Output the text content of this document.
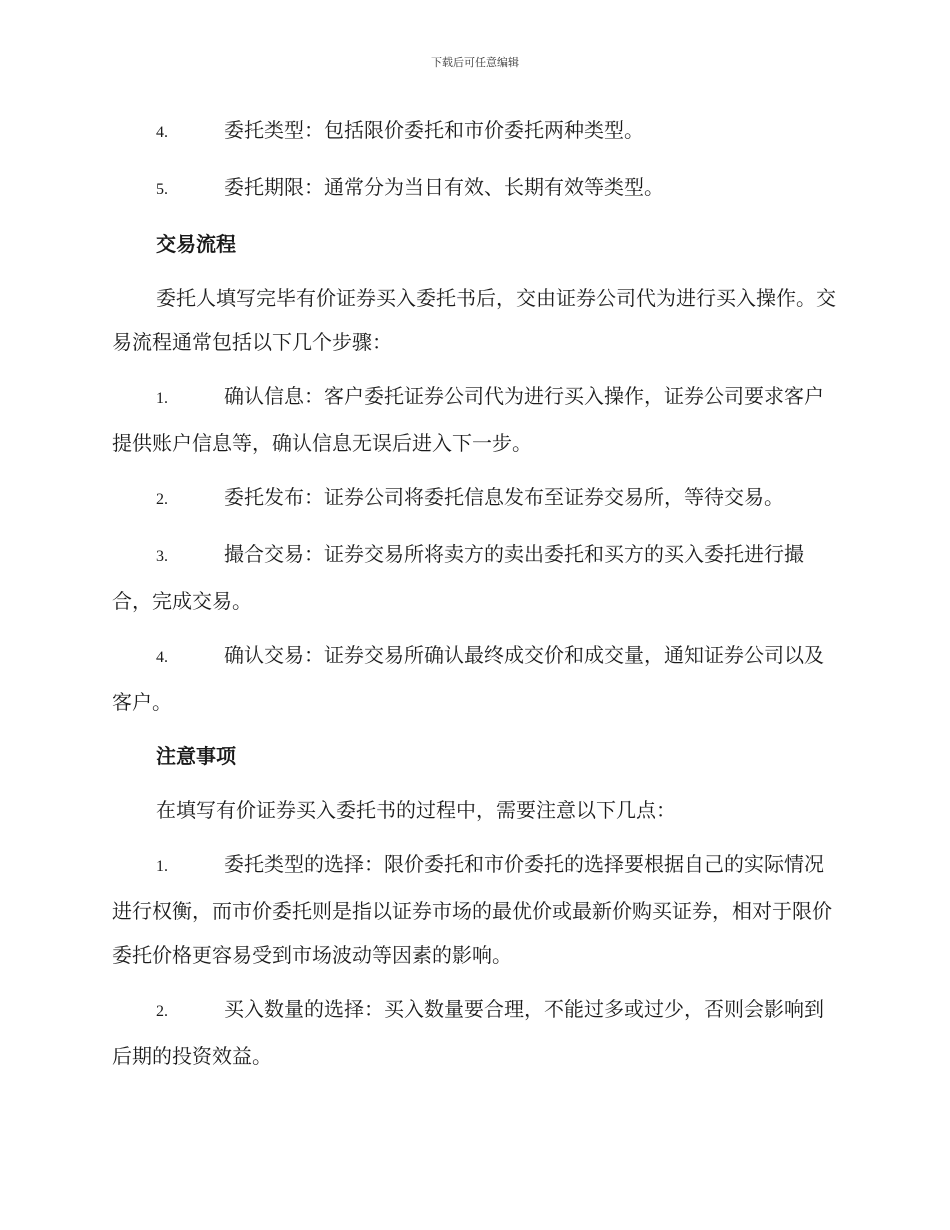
下载后可任意编辑
4.	委托类型：包括限价委托和市价委托两种类型。
5.	委托期限：通常分为当日有效、长期有效等类型。
交易流程

委托人填写完毕有价证券买入委托书后，交由证券公司代为进行买入操作。交易流程通常包括以下几个步骤：

1.	确认信息：客户委托证券公司代为进行买入操作，证券公司要求客户提供账户信息等，确认信息无误后进入下一步。
2.	委托发布：证券公司将委托信息发布至证券交易所，等待交易。
3.	撮合交易：证券交易所将卖方的卖出委托和买方的买入委托进行撮合，完成交易。
4.	确认交易：证券交易所确认最终成交价和成交量，通知证券公司以及客户。
注意事项

在填写有价证券买入委托书的过程中，需要注意以下几点：

1.	委托类型的选择：限价委托和市价委托的选择要根据自己的实际情况进行权衡，而市价委托则是指以证券市场的最优价或最新价购买证券，相对于限价委托价格更容易受到市场波动等因素的影响。
2.	买入数量的选择：买入数量要合理，不能过多或过少，否则会影响到后期的投资效益。
